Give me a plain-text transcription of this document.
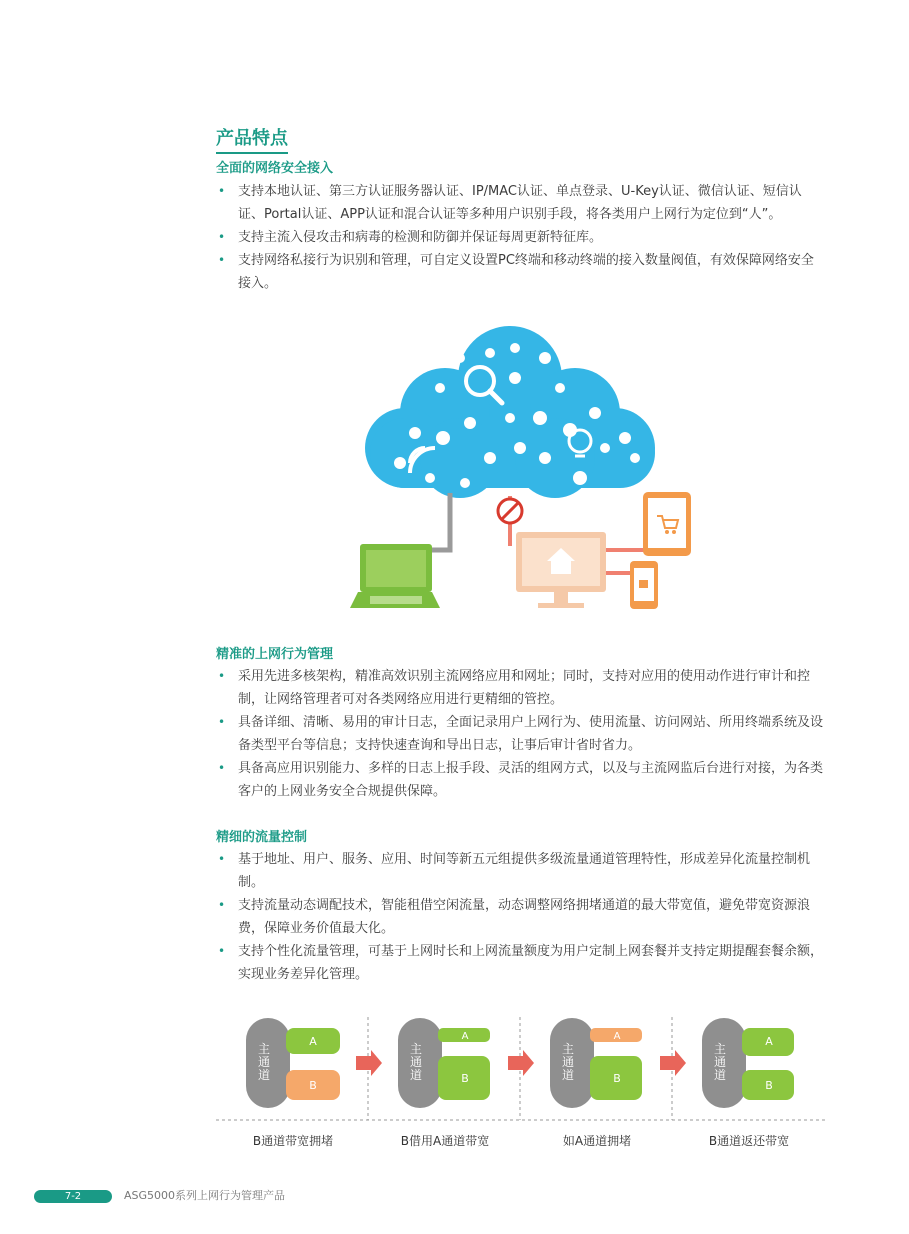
产品特点
全面的网络安全接入
• 支持本地认证、第三方认证服务器认证、IP/MAC认证、单点登录、U-Key认证、微信认证、短信认证、Portal认证、APP认证和混合认证等多种用户识别手段，将各类用户上网行为定位到“人”。
• 支持主流入侵攻击和病毒的检测和防御并保证每周更新特征库。
• 支持网络私接行为识别和管理，可自定义设置PC终端和移动终端的接入数量阀值，有效保障网络安全接入。
精准的上网行为管理
• 采用先进多核架构，精准高效识别主流网络应用和网址；同时，支持对应用的使用动作进行审计和控制，让网络管理者可对各类网络应用进行更精细的管控。
• 具备详细、清晰、易用的审计日志，全面记录用户上网行为、使用流量、访问网站、所用终端系统及设备类型平台等信息；支持快速查询和导出日志，让事后审计省时省力。
• 具备高应用识别能力、多样的日志上报手段、灵活的组网方式，以及与主流网监后台进行对接，为各类客户的上网业务安全合规提供保障。
精细的流量控制
• 基于地址、用户、服务、应用、时间等新五元组提供多级流量通道管理特性，形成差异化流量控制机制。
• 支持流量动态调配技术，智能租借空闲流量，动态调整网络拥堵通道的最大带宽值，避免带宽资源浪费，保障业务价值最大化。
• 支持个性化流量管理，可基于上网时长和上网流量额度为用户定制上网套餐并支持定期提醒套餐余额，实现业务差异化管理。
A
B
A
B
A
B
A
B
主通道
主通道
主通道
主通道
B通道带宽拥堵	B借用A通道带宽	如A通道拥堵	B通道返还带宽
7-2	ASG5000系列上网行为管理产品
